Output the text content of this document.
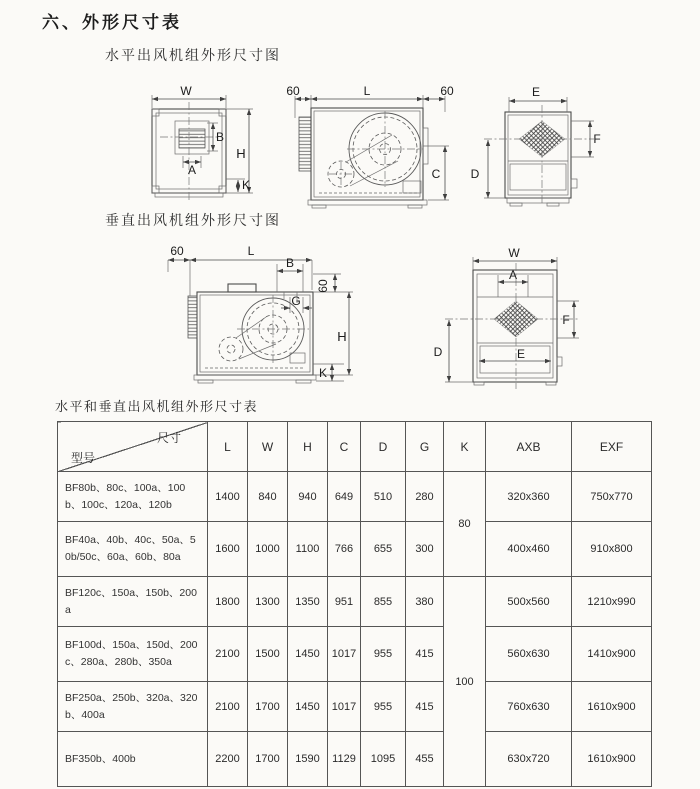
六、外形尺寸表
水平出风机组外形尺寸图
垂直出风机组外形尺寸图
水平和垂直出风机组外形尺寸表
W
B
A
H
K
60	L	60
C
E
F
D
60	L
B
60
G
H
K
W
A
F
D	E
尺寸
型号	L	W	H	C	D	G	K	AXB	EXF
BF80b、80c、100a、100b、100c、120a、120b	1400	840	940	649	510	280	80	320x360	750x770
BF40a、40b、40c、50a、50b/50c、60a、60b、80a	1600	1000	1100	766	655	300		400x460	910x800
BF120c、150a、150b、200a	1800	1300	1350	951	855	380	100	500x560	1210x990
BF100d、150a、150d、200c、280a、280b、350a	2100	1500	1450	1017	955	415		560x630	1410x900
BF250a、250b、320a、320b、400a	2100	1700	1450	1017	955	415		760x630	1610x900
BF350b、400b	2200	1700	1590	1129	1095	455		630x720	1610x900
